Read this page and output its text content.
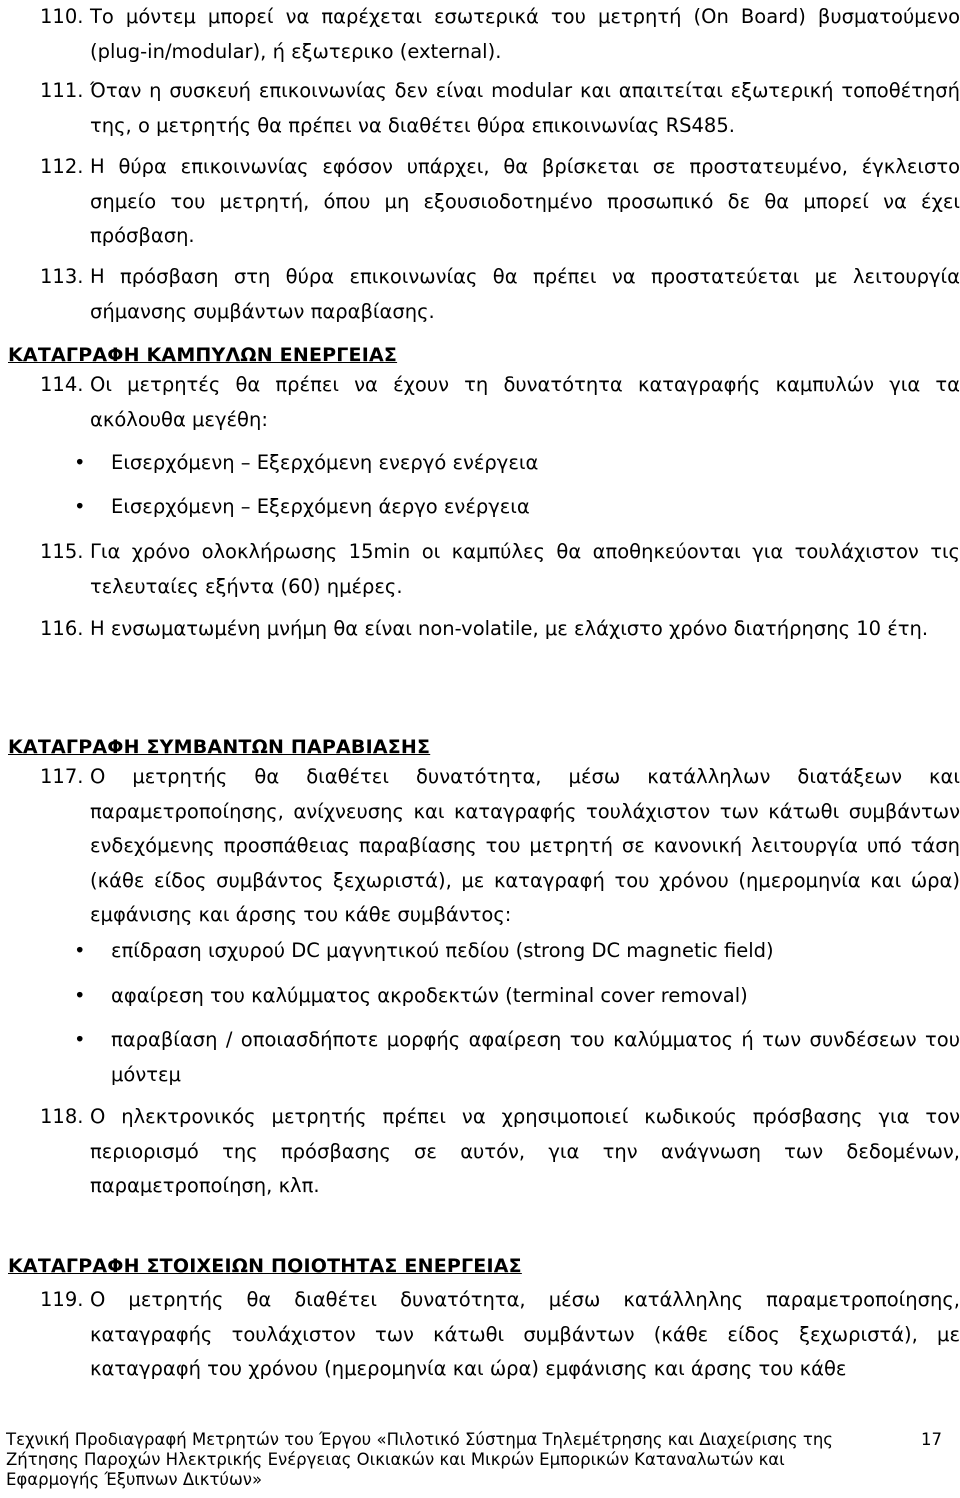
110. Το μόντεμ μπορεί να παρέχεται εσωτερικά του μετρητή (On Board) βυσματούμενο (plug-in/modular), ή εξωτερικο (external).
111. Όταν η συσκευή επικοινωνίας δεν είναι modular και απαιτείται εξωτερική τοποθέτησή της, ο μετρητής θα πρέπει να διαθέτει θύρα επικοινωνίας RS485.
112. Η θύρα επικοινωνίας εφόσον υπάρχει, θα βρίσκεται σε προστατευμένο, έγκλειστο σημείο του μετρητή, όπου μη εξουσιοδοτημένο προσωπικό δε θα μπορεί να έχει πρόσβαση.
113. Η πρόσβαση στη θύρα επικοινωνίας θα πρέπει να προστατεύεται με λειτουργία σήμανσης συμβάντων παραβίασης.
ΚΑΤΑΓΡΑΦΗ ΚΑΜΠΥΛΩΝ ΕΝΕΡΓΕΙΑΣ
114. Οι μετρητές θα πρέπει να έχουν τη δυνατότητα καταγραφής καμπυλών για τα ακόλουθα μεγέθη:
• Εισερχόμενη – Εξερχόμενη ενεργό ενέργεια
• Εισερχόμενη – Εξερχόμενη άεργο ενέργεια
115. Για χρόνο ολοκλήρωσης 15min οι καμπύλες θα αποθηκεύονται για τουλάχιστον τις τελευταίες εξήντα (60) ημέρες.
116. Η ενσωματωμένη μνήμη θα είναι non-volatile, με ελάχιστο χρόνο διατήρησης 10 έτη.
ΚΑΤΑΓΡΑΦΗ ΣΥΜΒΑΝΤΩΝ ΠΑΡΑΒΙΑΣΗΣ
117. Ο μετρητής θα διαθέτει δυνατότητα, μέσω κατάλληλων διατάξεων και παραμετροποίησης, ανίχνευσης και καταγραφής τουλάχιστον των κάτωθι συμβάντων ενδεχόμενης προσπάθειας παραβίασης του μετρητή σε κανονική λειτουργία υπό τάση (κάθε είδος συμβάντος ξεχωριστά), με καταγραφή του χρόνου (ημερομηνία και ώρα) εμφάνισης και άρσης του κάθε συμβάντος:
• επίδραση ισχυρού DC μαγνητικού πεδίου (strong DC magnetic field)
• αφαίρεση του καλύμματος ακροδεκτών (terminal cover removal)
• παραβίαση / οποιασδήποτε μορφής αφαίρεση του καλύμματος ή των συνδέσεων του μόντεμ
118. Ο ηλεκτρονικός μετρητής πρέπει να χρησιμοποιεί κωδικούς πρόσβασης για τον περιορισμό της πρόσβασης σε αυτόν, για την ανάγνωση των δεδομένων, παραμετροποίηση, κλπ.
ΚΑΤΑΓΡΑΦΗ ΣΤΟΙΧΕΙΩΝ ΠΟΙΟΤΗΤΑΣ ΕΝΕΡΓΕΙΑΣ
119. Ο μετρητής θα διαθέτει δυνατότητα, μέσω κατάλληλης παραμετροποίησης, καταγραφής τουλάχιστον των κάτωθι συμβάντων (κάθε είδος ξεχωριστά), με καταγραφή του χρόνου (ημερομηνία και ώρα) εμφάνισης και άρσης του κάθε
Τεχνική Προδιαγραφή Μετρητών του Έργου «Πιλοτικό Σύστημα Τηλεμέτρησης και Διαχείρισης της
Ζήτησης Παροχών Ηλεκτρικής Ενέργειας Οικιακών και Μικρών Εμπορικών Καταναλωτών και
Εφαρμογής Έξυπνων Δικτύων»
17
